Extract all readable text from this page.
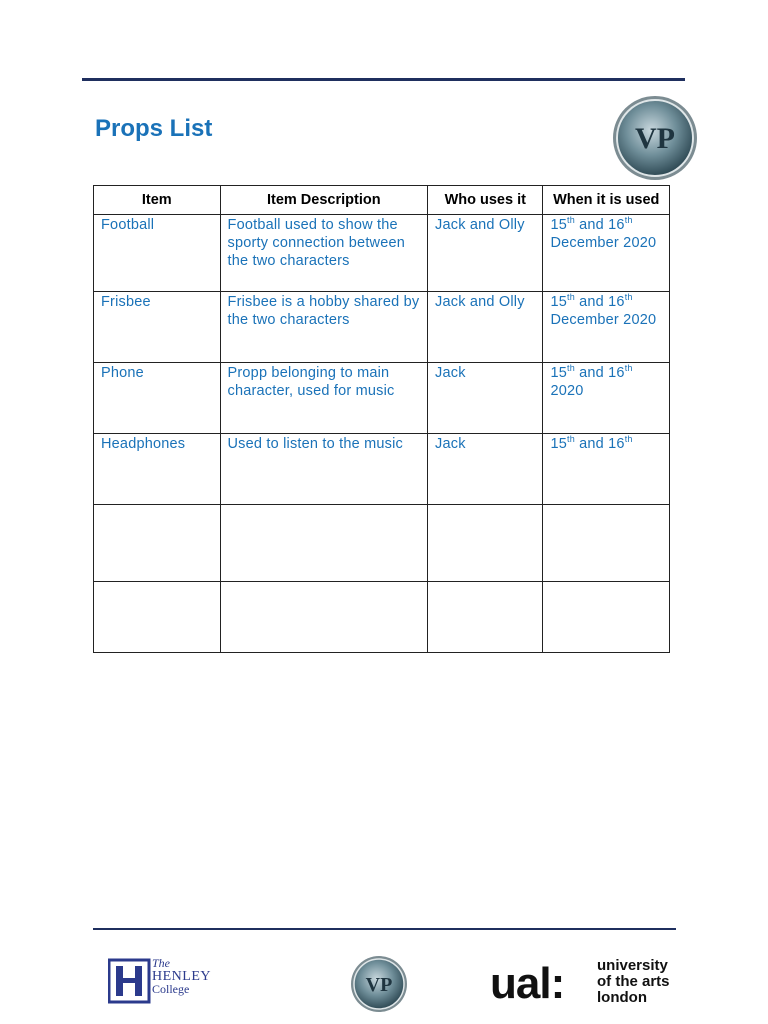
Props List	VP
Item	Item Description	Who uses it	When it is used
Football	Football used to show the sporty connection between the two characters	Jack and Olly	15th and 16th December 2020
Frisbee	Frisbee is a hobby shared by the two characters	Jack and Olly	15th and 16th December 2020
Phone	Propp belonging to main character, used for music	Jack	15th and 16th 2020
Headphones	Used to listen to the music	Jack	15th and 16th

The
HENLEY
College	VP ual: university
of the arts
london
